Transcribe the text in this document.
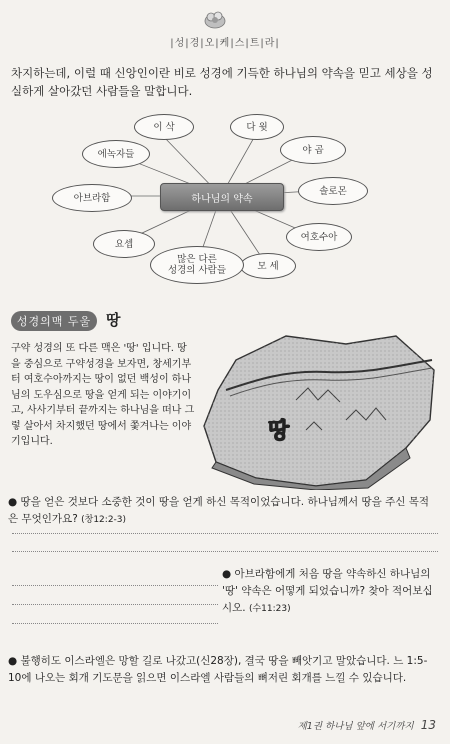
|성|경|오|케|스|트|라|
차지하는데, 이럴 때 신앙인이란 비로 성경에 기득한 하나님의 약속을 믿고 세상을 성실하게 살아갔던 사람들을 말합니다.
이 삭	다 윗
에녹자들	야 곱
솔로몬
아브라함
여호수아
요셉
모 세
많은 다른
성경의 사람들
하나님의 약속
성경의맥 두울 땅
구약 성경의 또 다른 맥은 '땅' 입니다. 땅을 중심으로 구약성경을 보자면, 창세기부터 여호수아까지는 땅이 없던 백성이 하나님의 도우심으로 땅을 얻게 되는 이야기이고, 사사기부터 끝까지는 하나님을 떠나 그렇 살아서 차지했던 땅에서 쫓겨나는 이야기입니다.	땅
● 땅을 얻은 것보다 소중한 것이 땅을 얻게 하신 목적이었습니다. 하나님께서 땅을 주신 목적은 무엇인가요? (창12:2-3)
● 아브라함에게 처음 땅을 약속하신 하나님의 '땅' 약속은 어떻게 되었습니까? 찾아 적어보십시오. (수11:23)
● 불행히도 이스라엘은 망할 길로 나갔고(신28장), 결국 땅을 빼앗기고 말았습니다. 느 1:5-10에 나오는 회개 기도문을 읽으면 이스라엘 사람들의 뼈저린 회개를 느낄 수 있습니다.
제1권 하나님 앞에 서기까지 13
